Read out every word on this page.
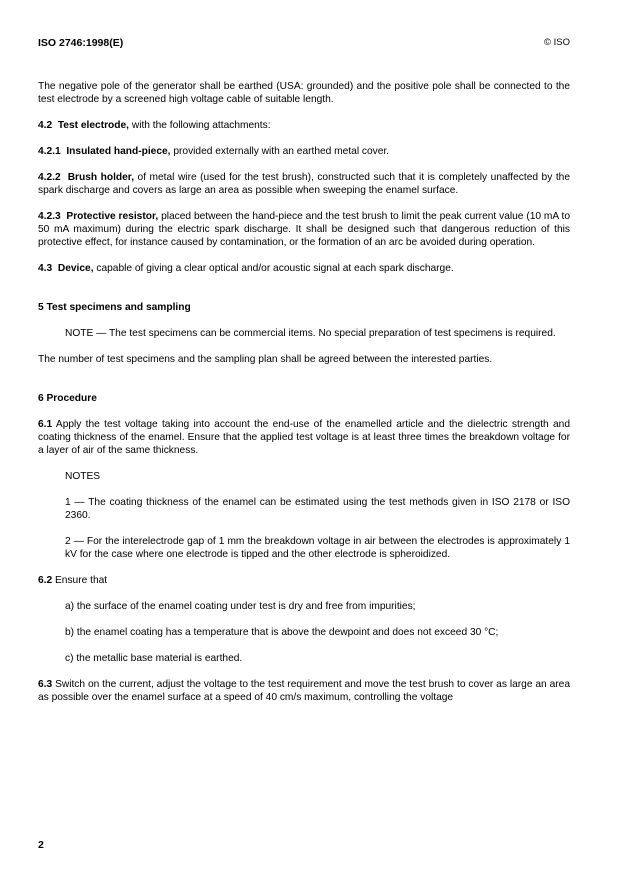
ISO 2746:1998(E)	© ISO

The negative pole of the generator shall be earthed (USA: grounded) and the positive pole shall be connected to the test electrode by a screened high voltage cable of suitable length.

4.2 Test electrode, with the following attachments:

4.2.1 Insulated hand-piece, provided externally with an earthed metal cover.

4.2.2 Brush holder, of metal wire (used for the test brush), constructed such that it is completely unaffected by the spark discharge and covers as large an area as possible when sweeping the enamel surface.

4.2.3 Protective resistor, placed between the hand-piece and the test brush to limit the peak current value (10 mA to 50 mA maximum) during the electric spark discharge. It shall be designed such that dangerous reduction of this protective effect, for instance caused by contamination, or the formation of an arc be avoided during operation.

4.3 Device, capable of giving a clear optical and/or acoustic signal at each spark discharge.

5 Test specimens and sampling

NOTE — The test specimens can be commercial items. No special preparation of test specimens is required.

The number of test specimens and the sampling plan shall be agreed between the interested parties.

6 Procedure

6.1 Apply the test voltage taking into account the end-use of the enamelled article and the dielectric strength and coating thickness of the enamel. Ensure that the applied test voltage is at least three times the breakdown voltage for a layer of air of the same thickness.

NOTES

1 — The coating thickness of the enamel can be estimated using the test methods given in ISO 2178 or ISO 2360.

2 — For the interelectrode gap of 1 mm the breakdown voltage in air between the electrodes is approximately 1 kV for the case where one electrode is tipped and the other electrode is spheroidized.

6.2 Ensure that

a) the surface of the enamel coating under test is dry and free from impurities;

b) the enamel coating has a temperature that is above the dewpoint and does not exceed 30 °C;

c) the metallic base material is earthed.

6.3 Switch on the current, adjust the voltage to the test requirement and move the test brush to cover as large an area as possible over the enamel surface at a speed of 40 cm/s maximum, controlling the voltage

2
